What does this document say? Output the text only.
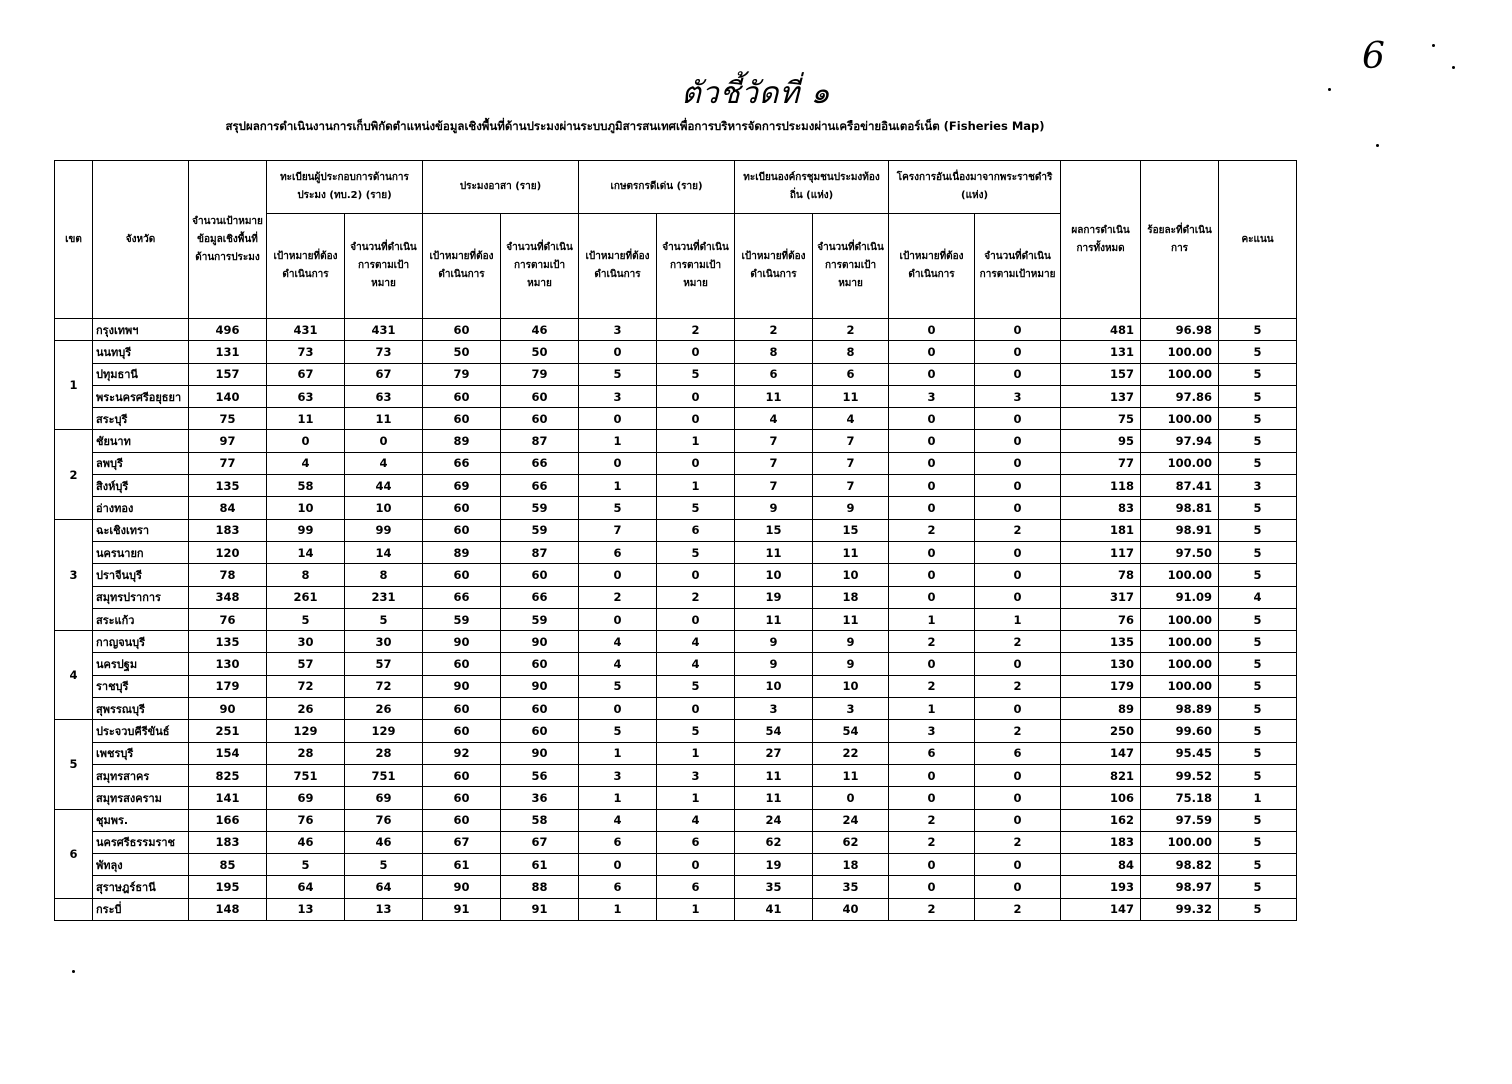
6
ตัวชี้วัดที่ ๑
สรุปผลการดำเนินงานการเก็บพิกัดตำแหน่งข้อมูลเชิงพื้นที่ด้านประมงผ่านระบบภูมิสารสนเทศเพื่อการบริหารจัดการประมงผ่านเครือข่ายอินเตอร์เน็ต (Fisheries Map)
เขต	จังหวัด	จำนวนเป้าหมายข้อมูลเชิงพื้นที่ด้านการประมง	ทะเบียนผู้ประกอบการด้านการประมง (ทบ.2) (ราย)		ประมงอาสา (ราย)		เกษตรกรดีเด่น (ราย)		ทะเบียนองค์กรชุมชนประมงท้องถิ่น (แห่ง)		โครงการอันเนื่องมาจากพระราชดำริ (แห่ง)		ผลการดำเนินการทั้งหมด	ร้อยละที่ดำเนินการ	คะแนน
			เป้าหมายที่ต้องดำเนินการ	จำนวนที่ดำเนินการตามเป้าหมาย	เป้าหมายที่ต้องดำเนินการ	จำนวนที่ดำเนินการตามเป้าหมาย	เป้าหมายที่ต้องดำเนินการ	จำนวนที่ดำเนินการตามเป้าหมาย	เป้าหมายที่ต้องดำเนินการ	จำนวนที่ดำเนินการตามเป้าหมาย	เป้าหมายที่ต้องดำเนินการ	จำนวนที่ดำเนินการตามเป้าหมาย			
	กรุงเทพฯ	496	431	431	60	46	3	2	2	2	0	0	481	96.98	5
1	นนทบุรี	131	73	73	50	50	0	0	8	8	0	0	131	100.00	5
	ปทุมธานี	157	67	67	79	79	5	5	6	6	0	0	157	100.00	5
	พระนครศรีอยุธยา	140	63	63	60	60	3	0	11	11	3	3	137	97.86	5
	สระบุรี	75	11	11	60	60	0	0	4	4	0	0	75	100.00	5
2	ชัยนาท	97	0	0	89	87	1	1	7	7	0	0	95	97.94	5
	ลพบุรี	77	4	4	66	66	0	0	7	7	0	0	77	100.00	5
	สิงห์บุรี	135	58	44	69	66	1	1	7	7	0	0	118	87.41	3
	อ่างทอง	84	10	10	60	59	5	5	9	9	0	0	83	98.81	5
3	ฉะเชิงเทรา	183	99	99	60	59	7	6	15	15	2	2	181	98.91	5
	นครนายก	120	14	14	89	87	6	5	11	11	0	0	117	97.50	5
	ปราจีนบุรี	78	8	8	60	60	0	0	10	10	0	0	78	100.00	5
	สมุทรปราการ	348	261	231	66	66	2	2	19	18	0	0	317	91.09	4
	สระแก้ว	76	5	5	59	59	0	0	11	11	1	1	76	100.00	5
4	กาญจนบุรี	135	30	30	90	90	4	4	9	9	2	2	135	100.00	5
	นครปฐม	130	57	57	60	60	4	4	9	9	0	0	130	100.00	5
	ราชบุรี	179	72	72	90	90	5	5	10	10	2	2	179	100.00	5
	สุพรรณบุรี	90	26	26	60	60	0	0	3	3	1	0	89	98.89	5
5	ประจวบคีรีขันธ์	251	129	129	60	60	5	5	54	54	3	2	250	99.60	5
	เพชรบุรี	154	28	28	92	90	1	1	27	22	6	6	147	95.45	5
	สมุทรสาคร	825	751	751	60	56	3	3	11	11	0	0	821	99.52	5
	สมุทรสงคราม	141	69	69	60	36	1	1	11	0	0	0	106	75.18	1
6	ชุมพร.	166	76	76	60	58	4	4	24	24	2	0	162	97.59	5
	นครศรีธรรมราช	183	46	46	67	67	6	6	62	62	2	2	183	100.00	5
	พัทลุง	85	5	5	61	61	0	0	19	18	0	0	84	98.82	5
	สุราษฎร์ธานี	195	64	64	90	88	6	6	35	35	0	0	193	98.97	5
	กระบี่	148	13	13	91	91	1	1	41	40	2	2	147	99.32	5
